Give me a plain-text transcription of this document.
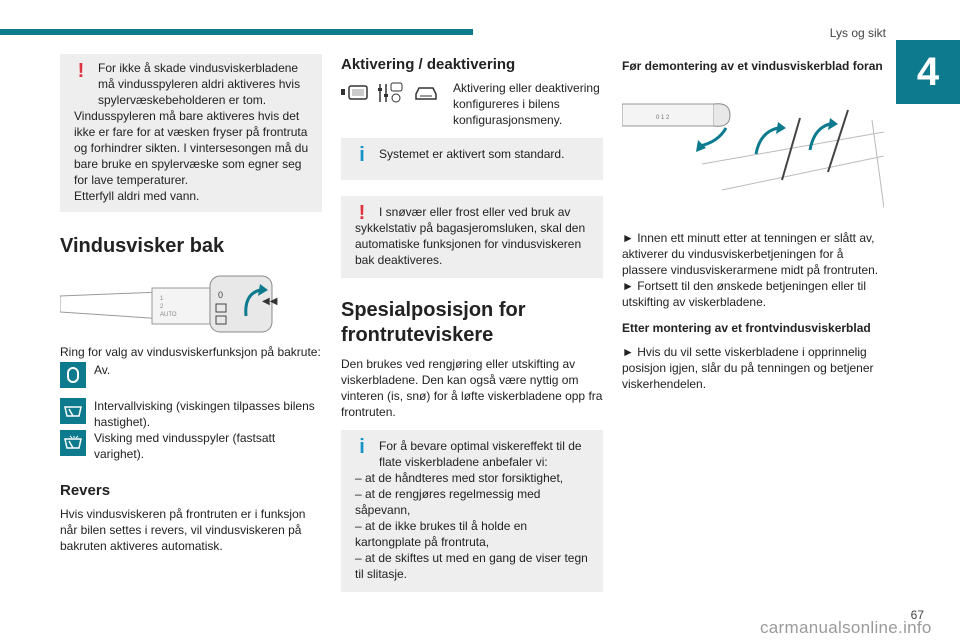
Lys og sikt
4
!	For ikke å skade vindusviskerbladene må vindusspyleren aldri aktiveres hvis spylervæskebeholderen er tom.

Vindusspyleren må bare aktiveres hvis det ikke er fare for at væsken fryser på frontruta og forhindrer sikten. I vintersesongen må du bare bruke en spylervæske som egner seg for lave temperaturer.

Etterfyll aldri med vann.

Vindusvisker bak
1
2
AUTO
0
◀◀

Ring for valg av vindusviskerfunksjon på bakrute:

Av.

Intervallvisking (viskingen tilpasses bilens hastighet).

Visking med vindusspyler (fastsatt varighet).

Revers

Hvis vindusviskeren på frontruten er i funksjon når bilen settes i revers, vil vindusviskeren på bakruten aktiveres automatisk.

Aktivering / deaktivering

Aktivering eller deaktivering konfigureres i bilens konfigurasjonsmeny.

i	Systemet er aktivert som standard.

!	I snøvær eller frost eller ved bruk av sykkelstativ på bagasjeromsluken, skal den automatiske funksjonen for vindusviskeren bak deaktiveres.

Spesialposisjon for frontruteviskere

Den brukes ved rengjøring eller utskifting av viskerbladene. Den kan også være nyttig om vinteren (is, snø) for å løfte viskerbladene opp fra frontruten.

i	For å bevare optimal viskereffekt til de flate viskerbladene anbefaler vi:

– at de håndteres med stor forsiktighet,

– at de rengjøres regelmessig med såpevann,

– at de ikke brukes til å holde en kartongplate på frontruta,

– at de skiftes ut med en gang de viser tegn til slitasje.

Før demontering av et vindusviskerblad foran
0 1 2

► Innen ett minutt etter at tenningen er slått av, aktiverer du vindusviskerbetjeningen for å plassere vindusviskerarmene midt på frontruten.

► Fortsett til den ønskede betjeningen eller til utskifting av viskerbladene.

Etter montering av et frontvindusviskerblad

► Hvis du vil sette viskerbladene i opprinnelig posisjon igjen, slår du på tenningen og betjener viskerhendelen.

67
carmanualsonline.info
